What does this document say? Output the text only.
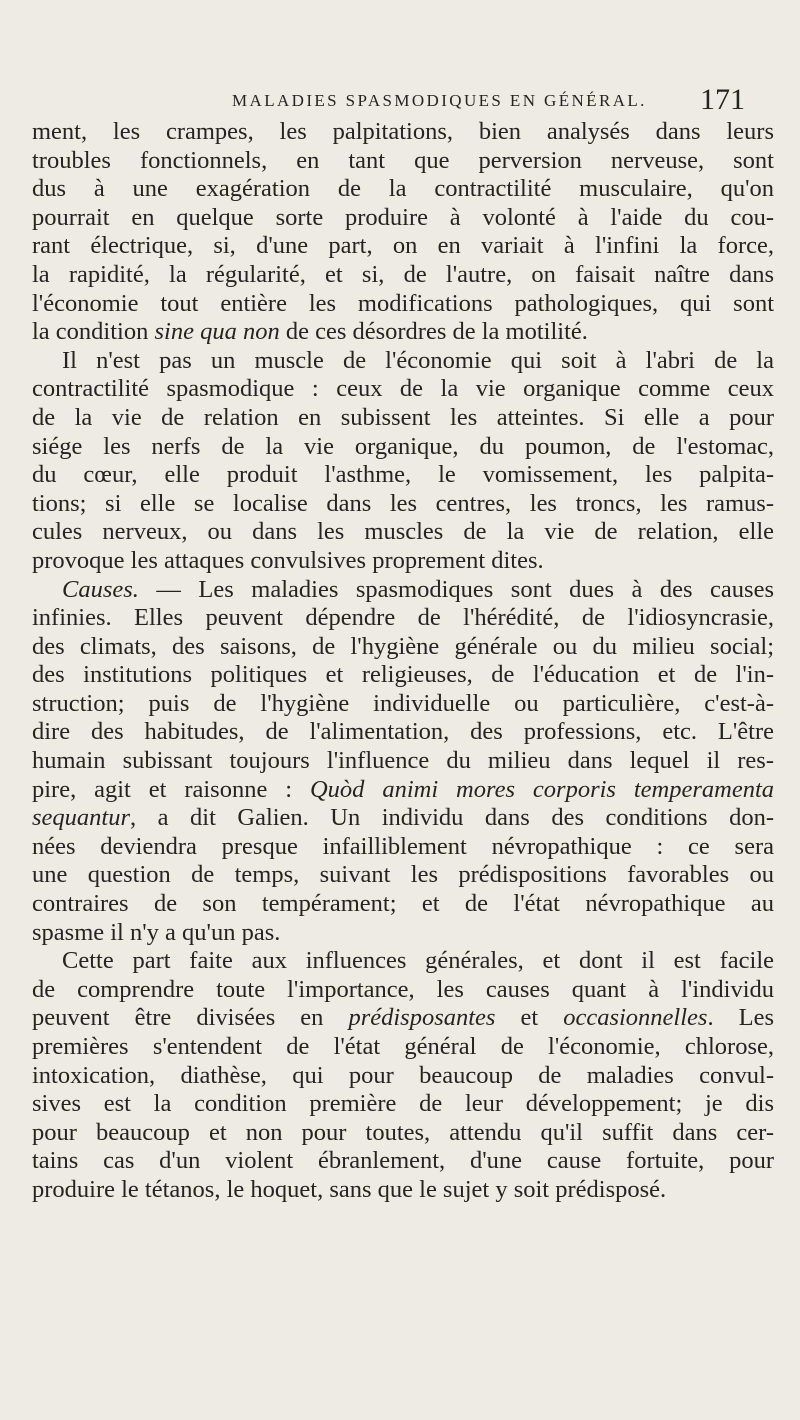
MALADIES SPASMODIQUES EN GÉNÉRAL. 171
ment, les crampes, les palpitations, bien analysés dans leurs
troubles fonctionnels, en tant que perversion nerveuse, sont
dus à une exagération de la contractilité musculaire, qu'on
pourrait en quelque sorte produire à volonté à l'aide du cou-
rant électrique, si, d'une part, on en variait à l'infini la force,
la rapidité, la régularité, et si, de l'autre, on faisait naître dans
l'économie tout entière les modifications pathologiques, qui sont
la condition sine qua non de ces désordres de la motilité.
Il n'est pas un muscle de l'économie qui soit à l'abri de la
contractilité spasmodique : ceux de la vie organique comme ceux
de la vie de relation en subissent les atteintes. Si elle a pour
siége les nerfs de la vie organique, du poumon, de l'estomac,
du cœur, elle produit l'asthme, le vomissement, les palpita-
tions; si elle se localise dans les centres, les troncs, les ramus-
cules nerveux, ou dans les muscles de la vie de relation, elle
provoque les attaques convulsives proprement dites.
Causes. — Les maladies spasmodiques sont dues à des causes
infinies. Elles peuvent dépendre de l'hérédité, de l'idiosyncrasie,
des climats, des saisons, de l'hygiène générale ou du milieu social;
des institutions politiques et religieuses, de l'éducation et de l'in-
struction; puis de l'hygiène individuelle ou particulière, c'est-à-
dire des habitudes, de l'alimentation, des professions, etc. L'être
humain subissant toujours l'influence du milieu dans lequel il res-
pire, agit et raisonne : Quòd animi mores corporis temperamenta
sequantur, a dit Galien. Un individu dans des conditions don-
nées deviendra presque infailliblement névropathique : ce sera
une question de temps, suivant les prédispositions favorables ou
contraires de son tempérament; et de l'état névropathique au
spasme il n'y a qu'un pas.
Cette part faite aux influences générales, et dont il est facile
de comprendre toute l'importance, les causes quant à l'individu
peuvent être divisées en prédisposantes et occasionnelles. Les
premières s'entendent de l'état général de l'économie, chlorose,
intoxication, diathèse, qui pour beaucoup de maladies convul-
sives est la condition première de leur développement; je dis
pour beaucoup et non pour toutes, attendu qu'il suffit dans cer-
tains cas d'un violent ébranlement, d'une cause fortuite, pour
produire le tétanos, le hoquet, sans que le sujet y soit prédisposé.
